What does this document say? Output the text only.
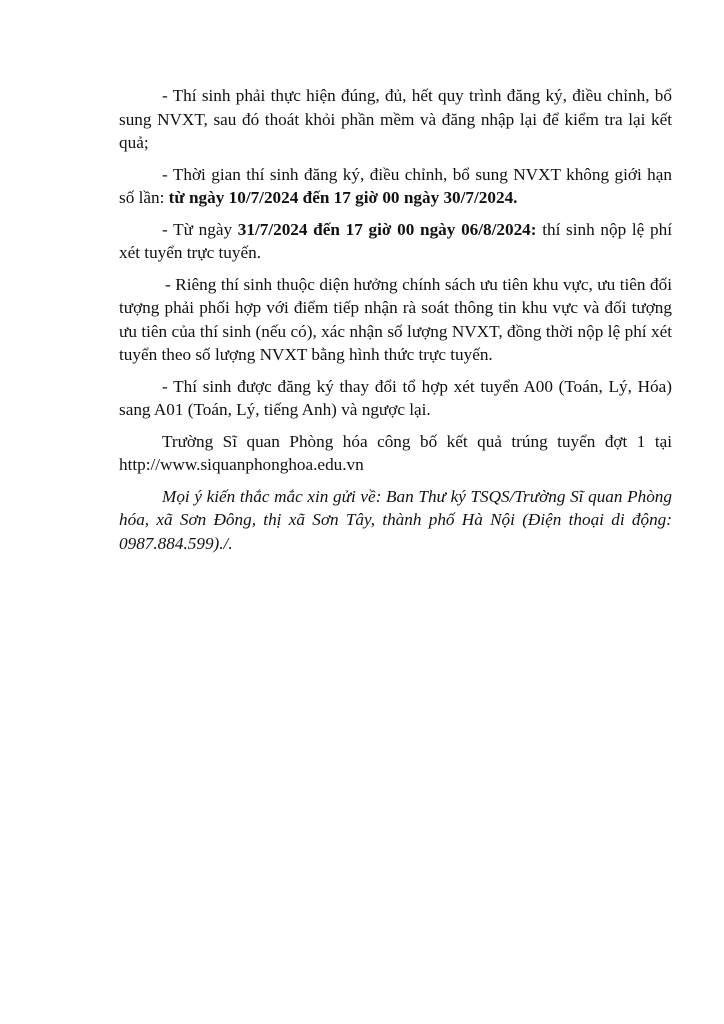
- Thí sinh phải thực hiện đúng, đủ, hết quy trình đăng ký, điều chỉnh, bổ sung NVXT, sau đó thoát khỏi phần mềm và đăng nhập lại để kiểm tra lại kết quả;

- Thời gian thí sinh đăng ký, điều chỉnh, bổ sung NVXT không giới hạn số lần: từ ngày 10/7/2024 đến 17 giờ 00 ngày 30/7/2024.

- Từ ngày 31/7/2024 đến 17 giờ 00 ngày 06/8/2024: thí sinh nộp lệ phí xét tuyển trực tuyến.

- Riêng thí sinh thuộc diện hưởng chính sách ưu tiên khu vực, ưu tiên đối tượng phải phối hợp với điểm tiếp nhận rà soát thông tin khu vực và đối tượng ưu tiên của thí sinh (nếu có), xác nhận số lượng NVXT, đồng thời nộp lệ phí xét tuyển theo số lượng NVXT bằng hình thức trực tuyến.

- Thí sinh được đăng ký thay đổi tổ hợp xét tuyển A00 (Toán, Lý, Hóa) sang A01 (Toán, Lý, tiếng Anh) và ngược lại.

Trường Sĩ quan Phòng hóa công bố kết quả trúng tuyển đợt 1 tại http://www.siquanphonghoa.edu.vn

Mọi ý kiến thắc mắc xin gửi về: Ban Thư ký TSQS/Trường Sĩ quan Phòng hóa, xã Sơn Đông, thị xã Sơn Tây, thành phố Hà Nội (Điện thoại di động: 0987.884.599)./.
